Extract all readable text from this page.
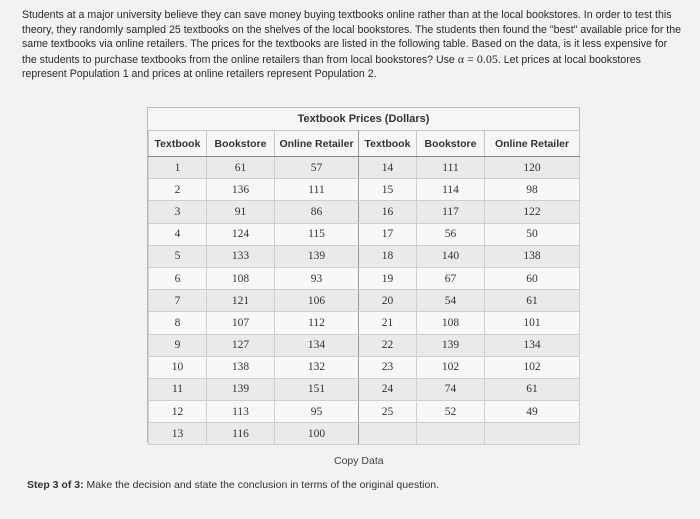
Students at a major university believe they can save money buying textbooks online rather than at the local bookstores. In order to test this theory, they randomly sampled 25 textbooks on the shelves of the local bookstores. The students then found the "best" available price for the same textbooks via online retailers. The prices for the textbooks are listed in the following table. Based on the data, is it less expensive for the students to purchase textbooks from the online retailers than from local bookstores? Use α = 0.05. Let prices at local bookstores represent Population 1 and prices at online retailers represent Population 2.
Textbook Prices (Dollars)
Textbook	Bookstore	Online Retailer	Textbook	Bookstore	Online Retailer
1	61	57	14	111	120
2	136	111	15	114	98
3	91	86	16	117	122
4	124	115	17	56	50
5	133	139	18	140	138
6	108	93	19	67	60
7	121	106	20	54	61
8	107	112	21	108	101
9	127	134	22	139	134
10	138	132	23	102	102
11	139	151	24	74	61
12	113	95	25	52	49
13	116	100			
Copy Data
Step 3 of 3: Make the decision and state the conclusion in terms of the original question.
